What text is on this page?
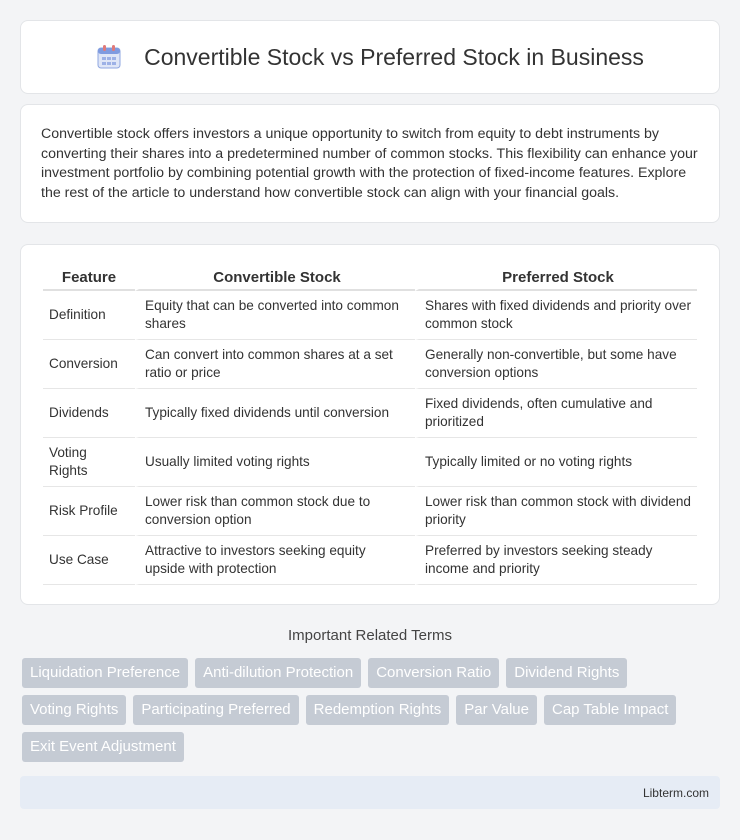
Convertible Stock vs Preferred Stock in Business

Convertible stock offers investors a unique opportunity to switch from equity to debt instruments by converting their shares into a predetermined number of common stocks. This flexibility can enhance your investment portfolio by combining potential growth with the protection of fixed-income features. Explore the rest of the article to understand how convertible stock can align with your financial goals.

Feature	Convertible Stock	Preferred Stock
Definition	Equity that can be converted into common shares	Shares with fixed dividends and priority over common stock
Conversion	Can convert into common shares at a set ratio or price	Generally non-convertible, but some have conversion options
Dividends	Typically fixed dividends until conversion	Fixed dividends, often cumulative and prioritized
Voting Rights	Usually limited voting rights	Typically limited or no voting rights
Risk Profile	Lower risk than common stock due to conversion option	Lower risk than common stock with dividend priority
Use Case	Attractive to investors seeking equity upside with protection	Preferred by investors seeking steady income and priority
Important Related Terms
Liquidation Preference	Anti-dilution Protection	Conversion Ratio	Dividend Rights
Voting Rights	Participating Preferred	Redemption Rights	Par Value	Cap Table Impact
Exit Event Adjustment
Libterm.com
